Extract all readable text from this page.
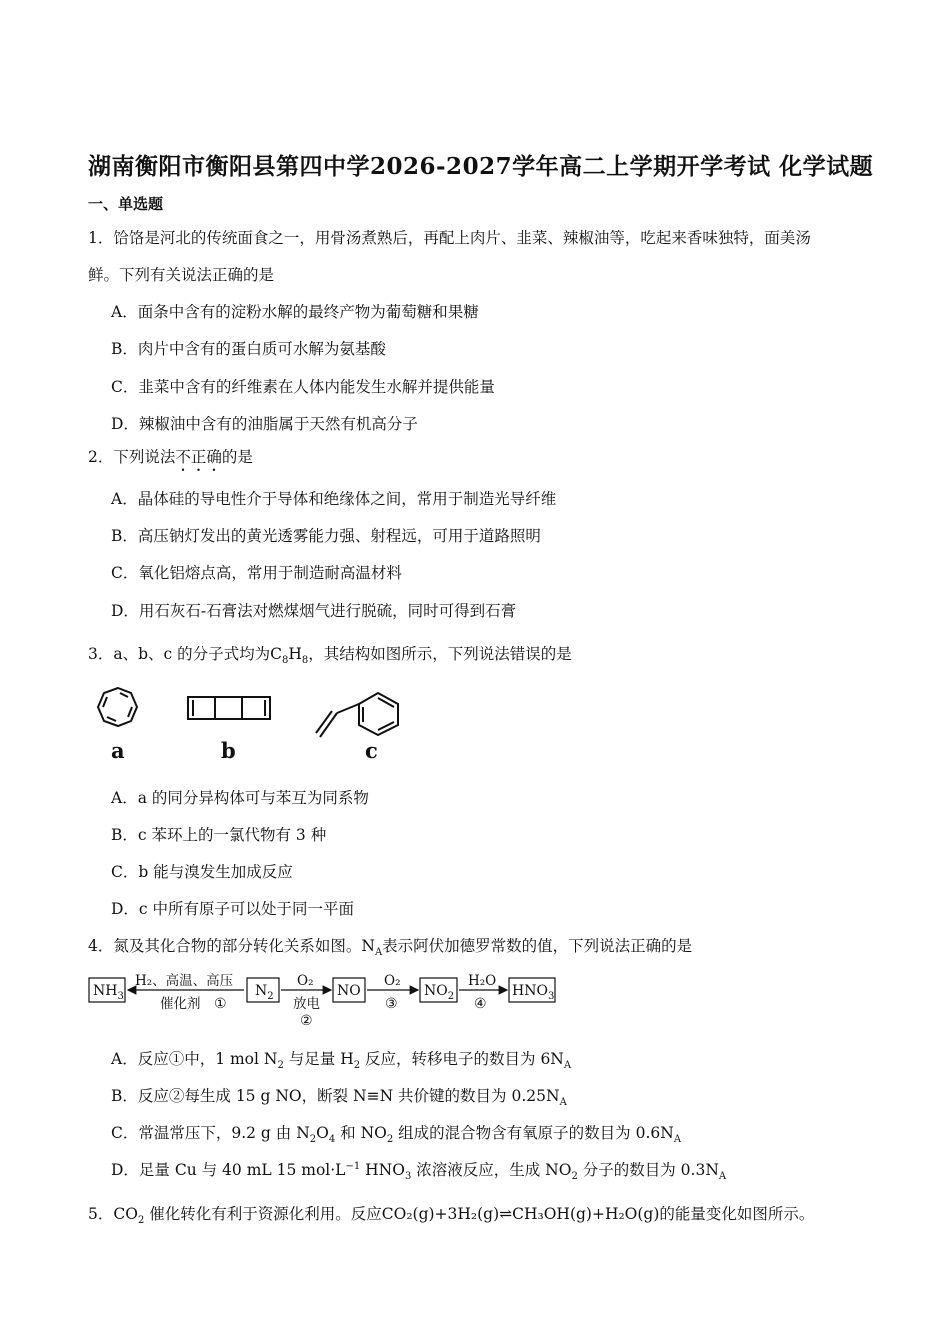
湖南衡阳市衡阳县第四中学2026-2027学年高二上学期开学考试 化学试题
一、单选题
1．饸饹是河北的传统面食之一，用骨汤煮熟后，再配上肉片、韭菜、辣椒油等，吃起来香味独特，面美汤
鲜。下列有关说法正确的是
A．面条中含有的淀粉水解的最终产物为葡萄糖和果糖
B．肉片中含有的蛋白质可水解为氨基酸
C．韭菜中含有的纤维素在人体内能发生水解并提供能量
D．辣椒油中含有的油脂属于天然有机高分子
2．下列说法不正确的是
A．晶体硅的导电性介于导体和绝缘体之间，常用于制造光导纤维
B．高压钠灯发出的黄光透雾能力强、射程远，可用于道路照明
C．氧化铝熔点高，常用于制造耐高温材料
D．用石灰石-石膏法对燃煤烟气进行脱硫，同时可得到石膏
3．a、b、c 的分子式均为$C_8H_8$，其结构如图所示，下列说法错误的是
a	b	c
A．a 的同分异构体可与苯互为同系物
B．c 苯环上的一氯代物有 3 种
C．b 能与溴发生加成反应
D．c 中所有原子可以处于同一平面
4．氮及其化合物的部分转化关系如图。$N_A$表示阿伏加德罗常数的值，下列说法正确的是
$NH_3$
H₂、高温、高压
催化剂 ①
$N_2$
O₂
放电
②
NO
O₂
③
$NO_2$
H₂O
④
$HNO_3$
A．反应①中，1 mol $N_2$ 与足量 $H_2$ 反应，转移电子的数目为 $6N_A$
B．反应②每生成 15 g NO，断裂 N≡N 共价键的数目为 $0.25N_A$
C．常温常压下，9.2 g 由 $N_2O_4$ 和 $NO_2$ 组成的混合物含有氧原子的数目为 $0.6N_A$
D．足量 Cu 与 40 mL 15 $mol\cdot L^{-1}$ $HNO_3$ 浓溶液反应，生成 $NO_2$ 分子的数目为 $0.3N_A$
5．$CO_2$ 催化转化有利于资源化利用。反应CO₂(g)+3H₂(g)⇌CH₃OH(g)+H₂O(g)的能量变化如图所示。
